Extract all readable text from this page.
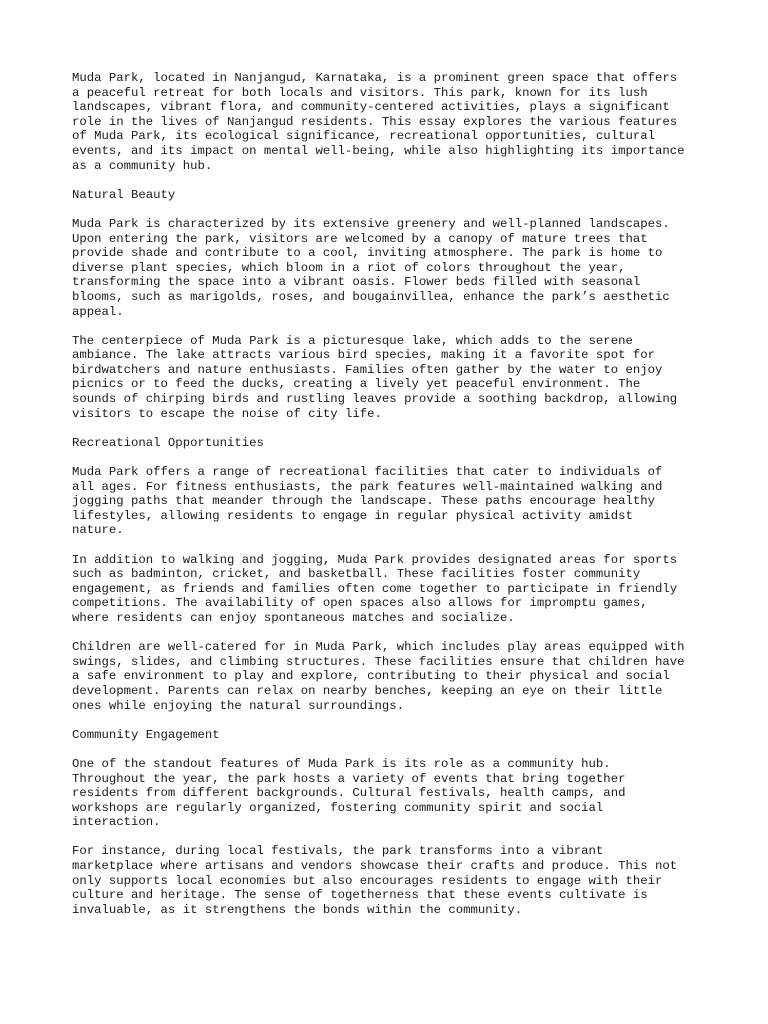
Muda Park, located in Nanjangud, Karnataka, is a prominent green space that offers
a peaceful retreat for both locals and visitors. This park, known for its lush
landscapes, vibrant flora, and community-centered activities, plays a significant
role in the lives of Nanjangud residents. This essay explores the various features
of Muda Park, its ecological significance, recreational opportunities, cultural
events, and its impact on mental well-being, while also highlighting its importance
as a community hub.

Natural Beauty

Muda Park is characterized by its extensive greenery and well-planned landscapes.
Upon entering the park, visitors are welcomed by a canopy of mature trees that
provide shade and contribute to a cool, inviting atmosphere. The park is home to
diverse plant species, which bloom in a riot of colors throughout the year,
transforming the space into a vibrant oasis. Flower beds filled with seasonal
blooms, such as marigolds, roses, and bougainvillea, enhance the park’s aesthetic
appeal.

The centerpiece of Muda Park is a picturesque lake, which adds to the serene
ambiance. The lake attracts various bird species, making it a favorite spot for
birdwatchers and nature enthusiasts. Families often gather by the water to enjoy
picnics or to feed the ducks, creating a lively yet peaceful environment. The
sounds of chirping birds and rustling leaves provide a soothing backdrop, allowing
visitors to escape the noise of city life.

Recreational Opportunities

Muda Park offers a range of recreational facilities that cater to individuals of
all ages. For fitness enthusiasts, the park features well-maintained walking and
jogging paths that meander through the landscape. These paths encourage healthy
lifestyles, allowing residents to engage in regular physical activity amidst
nature.

In addition to walking and jogging, Muda Park provides designated areas for sports
such as badminton, cricket, and basketball. These facilities foster community
engagement, as friends and families often come together to participate in friendly
competitions. The availability of open spaces also allows for impromptu games,
where residents can enjoy spontaneous matches and socialize.

Children are well-catered for in Muda Park, which includes play areas equipped with
swings, slides, and climbing structures. These facilities ensure that children have
a safe environment to play and explore, contributing to their physical and social
development. Parents can relax on nearby benches, keeping an eye on their little
ones while enjoying the natural surroundings.

Community Engagement

One of the standout features of Muda Park is its role as a community hub.
Throughout the year, the park hosts a variety of events that bring together
residents from different backgrounds. Cultural festivals, health camps, and
workshops are regularly organized, fostering community spirit and social
interaction.

For instance, during local festivals, the park transforms into a vibrant
marketplace where artisans and vendors showcase their crafts and produce. This not
only supports local economies but also encourages residents to engage with their
culture and heritage. The sense of togetherness that these events cultivate is
invaluable, as it strengthens the bonds within the community.
